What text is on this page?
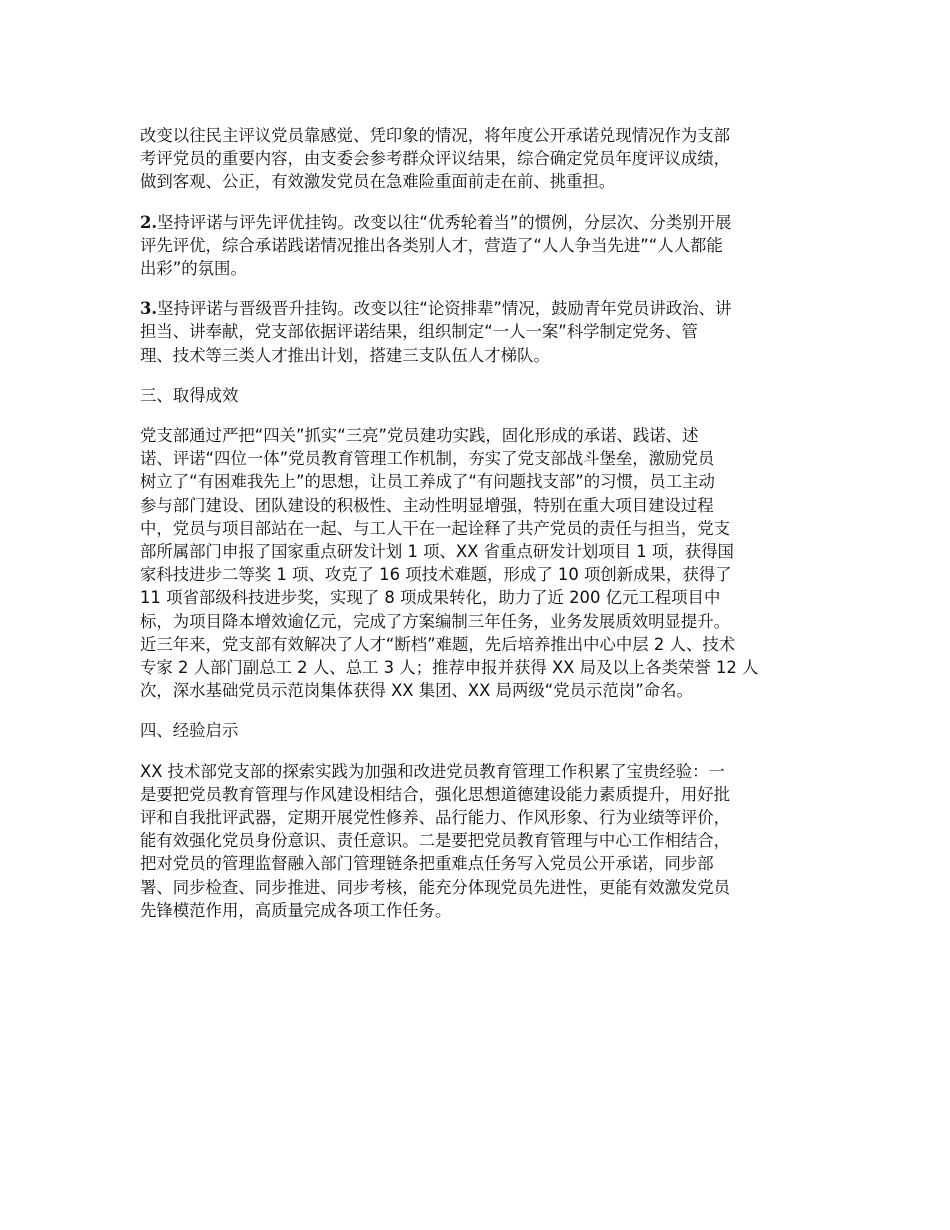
改变以往民主评议党员靠感觉、凭印象的情况，将年度公开承诺兑现情况作为支部
考评党员的重要内容，由支委会参考群众评议结果，综合确定党员年度评议成绩，
做到客观、公正，有效激发党员在急难险重面前走在前、挑重担。

2.坚持评诺与评先评优挂钩。改变以往“优秀轮着当”的惯例，分层次、分类别开展
评先评优，综合承诺践诺情况推出各类别人才，营造了“人人争当先进”“人人都能
出彩”的氛围。

3.坚持评诺与晋级晋升挂钩。改变以往“论资排辈”情况，鼓励青年党员讲政治、讲
担当、讲奉献，党支部依据评诺结果，组织制定“一人一案”科学制定党务、管
理、技术等三类人才推出计划，搭建三支队伍人才梯队。

三、取得成效

党支部通过严把“四关”抓实“三亮”党员建功实践，固化形成的承诺、践诺、述
诺、评诺“四位一体”党员教育管理工作机制，夯实了党支部战斗堡垒，激励党员
树立了“有困难我先上”的思想，让员工养成了“有问题找支部”的习惯，员工主动
参与部门建设、团队建设的积极性、主动性明显增强，特别在重大项目建设过程
中，党员与项目部站在一起、与工人干在一起诠释了共产党员的责任与担当，党支
部所属部门申报了国家重点研发计划 1 项、XX 省重点研发计划项目 1 项，获得国
家科技进步二等奖 1 项、攻克了 16 项技术难题，形成了 10 项创新成果，获得了
11 项省部级科技进步奖，实现了 8 项成果转化，助力了近 200 亿元工程项目中
标，为项目降本增效逾亿元，完成了方案编制三年任务，业务发展质效明显提升。
近三年来，党支部有效解决了人才“断档”难题，先后培养推出中心中层 2 人、技术
专家 2 人部门副总工 2 人、总工 3 人；推荐申报并获得 XX 局及以上各类荣誉 12 人
次，深水基础党员示范岗集体获得 XX 集团、XX 局两级“党员示范岗”命名。

四、经验启示

XX 技术部党支部的探索实践为加强和改进党员教育管理工作积累了宝贵经验：一
是要把党员教育管理与作风建设相结合，强化思想道德建设能力素质提升，用好批
评和自我批评武器，定期开展党性修养、品行能力、作风形象、行为业绩等评价，
能有效强化党员身份意识、责任意识。二是要把党员教育管理与中心工作相结合，
把对党员的管理监督融入部门管理链条把重难点任务写入党员公开承诺，同步部
署、同步检查、同步推进、同步考核，能充分体现党员先进性，更能有效激发党员
先锋模范作用，高质量完成各项工作任务。
